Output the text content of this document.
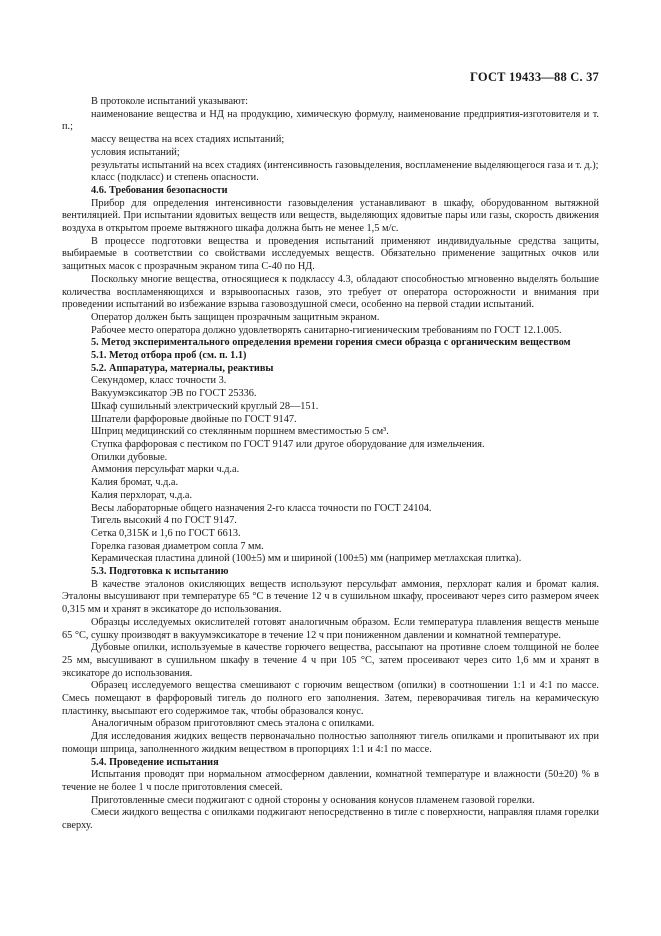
ГОСТ 19433—88 С. 37

В протоколе испытаний указывают:

наименование вещества и НД на продукцию, химическую формулу, наименование предприятия-изготовителя и т. п.;

массу вещества на всех стадиях испытаний;

условия испытаний;

результаты испытаний на всех стадиях (интенсивность газовыделения, воспламенение выделяющегося газа и т. д.);

класс (подкласс) и степень опасности.

4.6. Требования безопасности

Прибор для определения интенсивности газовыделения устанавливают в шкафу, оборудованном вытяжной вентиляцией. При испытании ядовитых веществ или веществ, выделяющих ядовитые пары или газы, скорость движения воздуха в открытом проеме вытяжного шкафа должна быть не менее 1,5 м/с.

В процессе подготовки вещества и проведения испытаний применяют индивидуальные средства защиты, выбираемые в соответствии со свойствами исследуемых веществ. Обязательно применение защитных очков или защитных масок с прозрачным экраном типа С-40 по НД.

Поскольку многие вещества, относящиеся к подклассу 4.3, обладают способностью мгновенно выделять большие количества воспламеняющихся и взрывоопасных газов, это требует от оператора осторожности и внимания при проведении испытаний во избежание взрыва газовоздушной смеси, особенно на первой стадии испытаний.

Оператор должен быть защищен прозрачным защитным экраном.

Рабочее место оператора должно удовлетворять санитарно-гигиеническим требованиям по ГОСТ 12.1.005.

5. Метод экспериментального определения времени горения смеси образца с органическим веществом

5.1. Метод отбора проб (см. п. 1.1)

5.2. Аппаратура, материалы, реактивы

Секундомер, класс точности 3.

Вакуумэксикатор ЭВ по ГОСТ 25336.

Шкаф сушильный электрический круглый 28—151.

Шпатели фарфоровые двойные по ГОСТ 9147.

Шприц медицинский со стеклянным поршнем вместимостью 5 см³.

Ступка фарфоровая с пестиком по ГОСТ 9147 или другое оборудование для измельчения.

Опилки дубовые.

Аммония персульфат марки ч.д.а.

Калия бромат, ч.д.а.

Калия перхлорат, ч.д.а.

Весы лабораторные общего назначения 2-го класса точности по ГОСТ 24104.

Тигель высокий 4 по ГОСТ 9147.

Сетка 0,315К и 1,6 по ГОСТ 6613.

Горелка газовая диаметром сопла 7 мм.

Керамическая пластина длиной (100±5) мм и шириной (100±5) мм (например метлахская плитка).

5.3. Подготовка к испытанию

В качестве эталонов окисляющих веществ используют персульфат аммония, перхлорат калия и бромат калия. Эталоны высушивают при температуре 65 °С в течение 12 ч в сушильном шкафу, просеивают через сито размером ячеек 0,315 мм и хранят в эксикаторе до использования.

Образцы исследуемых окислителей готовят аналогичным образом. Если температура плавления веществ меньше 65 °С, сушку производят в вакуумэксикаторе в течение 12 ч при пониженном давлении и комнатной температуре.

Дубовые опилки, используемые в качестве горючего вещества, рассыпают на противне слоем толщиной не более 25 мм, высушивают в сушильном шкафу в течение 4 ч при 105 °С, затем просеивают через сито 1,6 мм и хранят в эксикаторе до использования.

Образец исследуемого вещества смешивают с горючим веществом (опилки) в соотношении 1:1 и 4:1 по массе. Смесь помещают в фарфоровый тигель до полного его заполнения. Затем, переворачивая тигель на керамическую пластинку, высыпают его содержимое так, чтобы образовался конус.

Аналогичным образом приготовляют смесь эталона с опилками.

Для исследования жидких веществ первоначально полностью заполняют тигель опилками и пропитывают их при помощи шприца, заполненного жидким веществом в пропорциях 1:1 и 4:1 по массе.

5.4. Проведение испытания

Испытания проводят при нормальном атмосферном давлении, комнатной температуре и влажности (50±20) % в течение не более 1 ч после приготовления смесей.

Приготовленные смеси поджигают с одной стороны у основания конусов пламенем газовой горелки.

Смеси жидкого вещества с опилками поджигают непосредственно в тигле с поверхности, направляя пламя горелки сверху.
